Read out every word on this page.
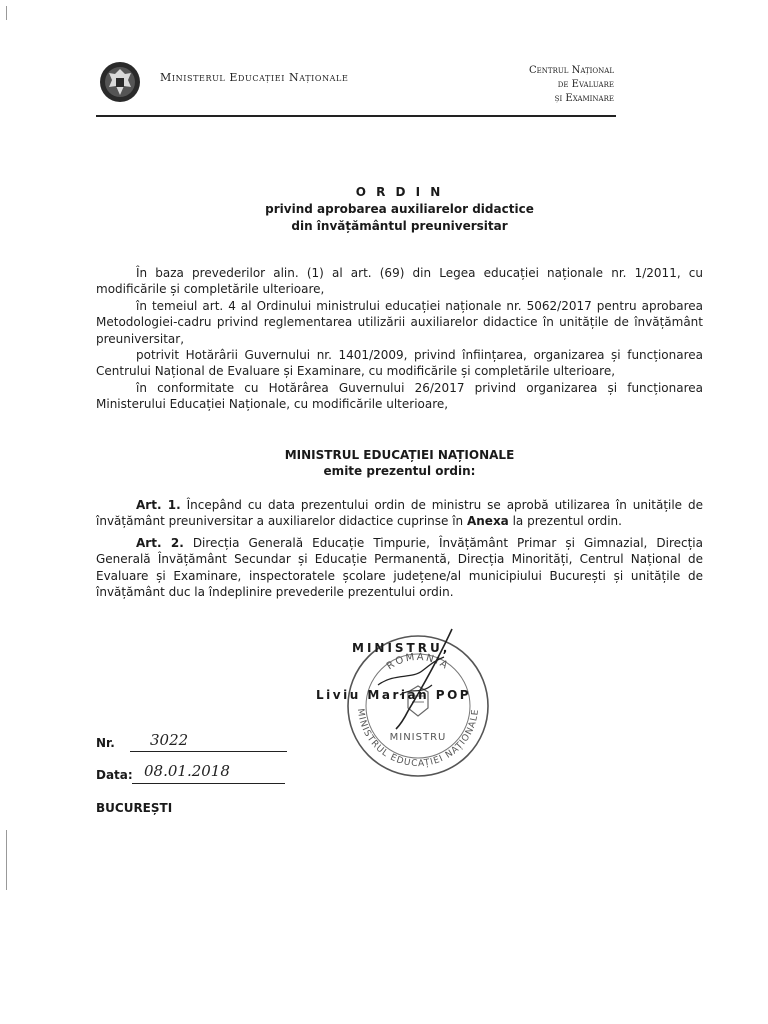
Ministerul Educației Naționale
Centrul Național
de Evaluare
și Examinare
O R D I N
privind aprobarea auxiliarelor didactice
din învățământul preuniversitar

În baza prevederilor alin. (1) al art. (69) din Legea educației naționale nr. 1/2011, cu modificările și completările ulterioare,

în temeiul art. 4 al Ordinului ministrului educației naționale nr. 5062/2017 pentru aprobarea Metodologiei-cadru privind reglementarea utilizării auxiliarelor didactice în unitățile de învățământ preuniversitar,

potrivit Hotărârii Guvernului nr. 1401/2009, privind înființarea, organizarea și funcționarea Centrului Național de Evaluare și Examinare, cu modificările și completările ulterioare,

în conformitate cu Hotărârea Guvernului 26/2017 privind organizarea și funcționarea Ministerului Educației Naționale, cu modificările ulterioare,

MINISTRUL EDUCAȚIEI NAȚIONALE
emite prezentul ordin:

Art. 1. Începând cu data prezentului ordin de ministru se aprobă utilizarea în unitățile de învățământ preuniversitar a auxiliarelor didactice cuprinse în Anexa la prezentul ordin.

Art. 2. Direcția Generală Educație Timpurie, Învățământ Primar și Gimnazial, Direcția Generală Învățământ Secundar și Educație Permanentă, Direcția Minorități, Centrul Național de Evaluare și Examinare, inspectoratele școlare județene/al municipiului București și unitățile de învățământ duc la îndeplinire prevederile prezentului ordin.

ROMÂNIA
MINISTRUL EDUCAȚIEI NAȚIONALE
MINISTRU
MINISTRU,
Liviu Marian POP
Nr. 3022
Data: 08.01.2018
BUCUREȘTI
